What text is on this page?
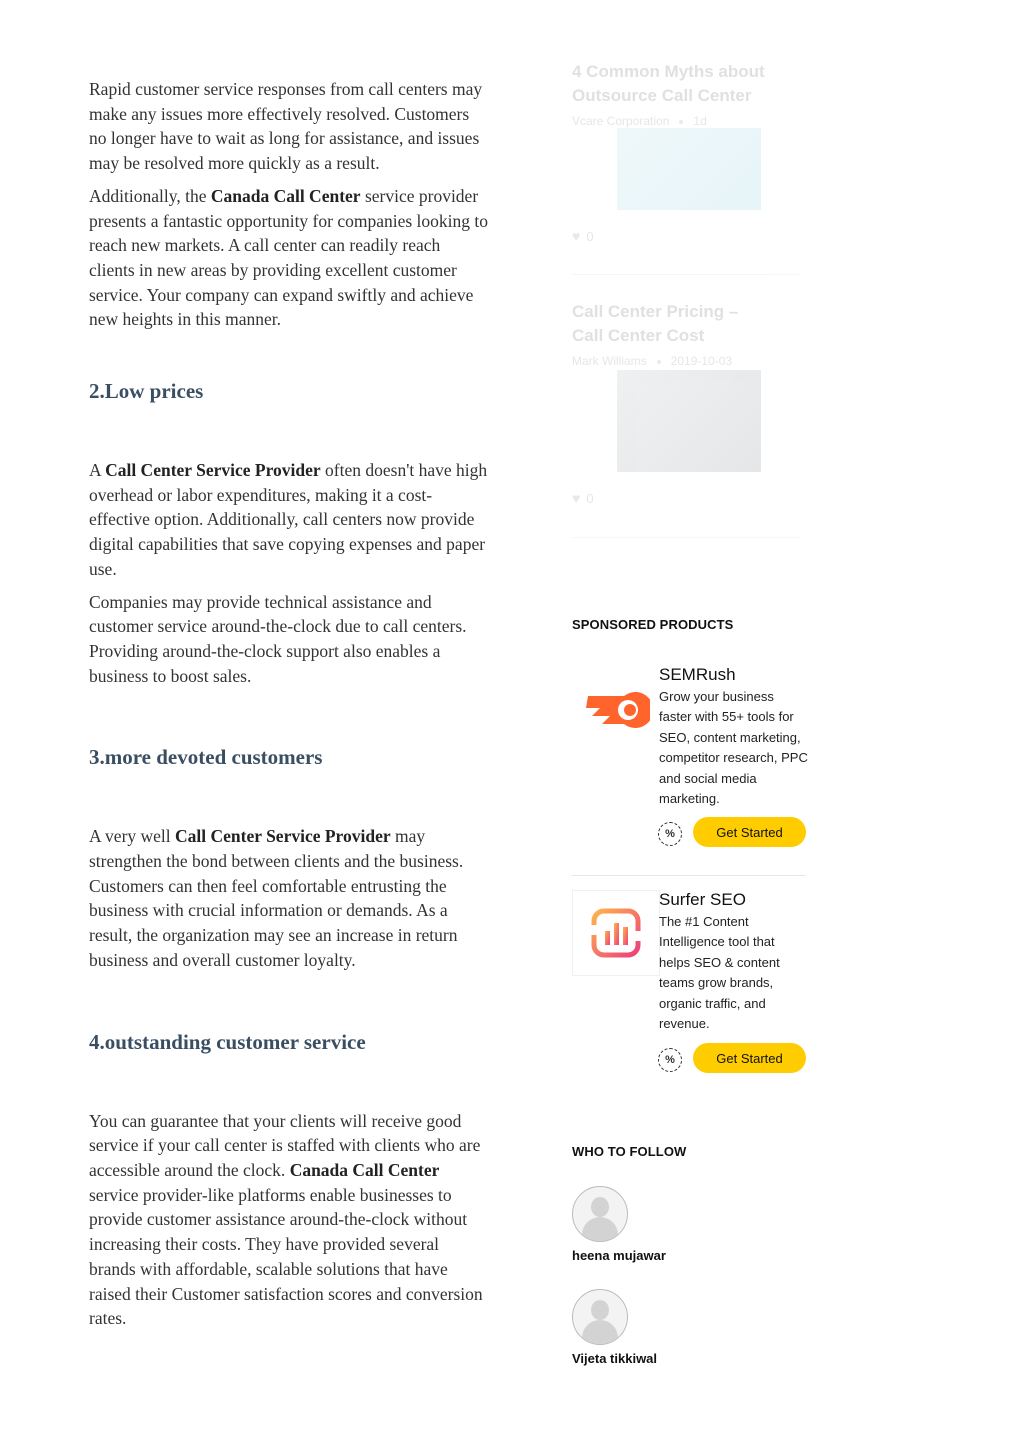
Rapid customer service responses from call centers may make any issues more effectively resolved. Customers no longer have to wait as long for assistance, and issues may be resolved more quickly as a result.

Additionally, the Canada Call Center service provider presents a fantastic opportunity for companies looking to reach new markets. A call center can readily reach clients in new areas by providing excellent customer service. Your company can expand swiftly and achieve new heights in this manner.

2.Low prices

A Call Center Service Provider often doesn't have high overhead or labor expenditures, making it a cost-effective option. Additionally, call centers now provide digital capabilities that save copying expenses and paper use.

Companies may provide technical assistance and customer service around-the-clock due to call centers. Providing around-the-clock support also enables a business to boost sales.

3.more devoted customers

A very well Call Center Service Provider may strengthen the bond between clients and the business. Customers can then feel comfortable entrusting the business with crucial information or demands. As a result, the organization may see an increase in return business and overall customer loyalty.

4.outstanding customer service

You can guarantee that your clients will receive good service if your call center is staffed with clients who are accessible around the clock. Canada Call Center service provider-like platforms enable businesses to provide customer assistance around-the-clock without increasing their costs. They have provided several brands with affordable, scalable solutions that have raised their Customer satisfaction scores and conversion rates.

4 Common Myths about Outsource Call Center
Vcare Corporation 1d
♥ 0
Call Center Pricing – Call Center Cost
Mark Williams 2019-10-03
♥ 0
SPONSORED PRODUCTS
SEMRush
Grow your business faster with 55+ tools for SEO, content marketing, competitor research, PPC and social media marketing.
%	Get Started
Surfer SEO
The #1 Content Intelligence tool that helps SEO & content teams grow brands, organic traffic, and revenue.
%	Get Started
WHO TO FOLLOW
heena mujawar
Vijeta tikkiwal
